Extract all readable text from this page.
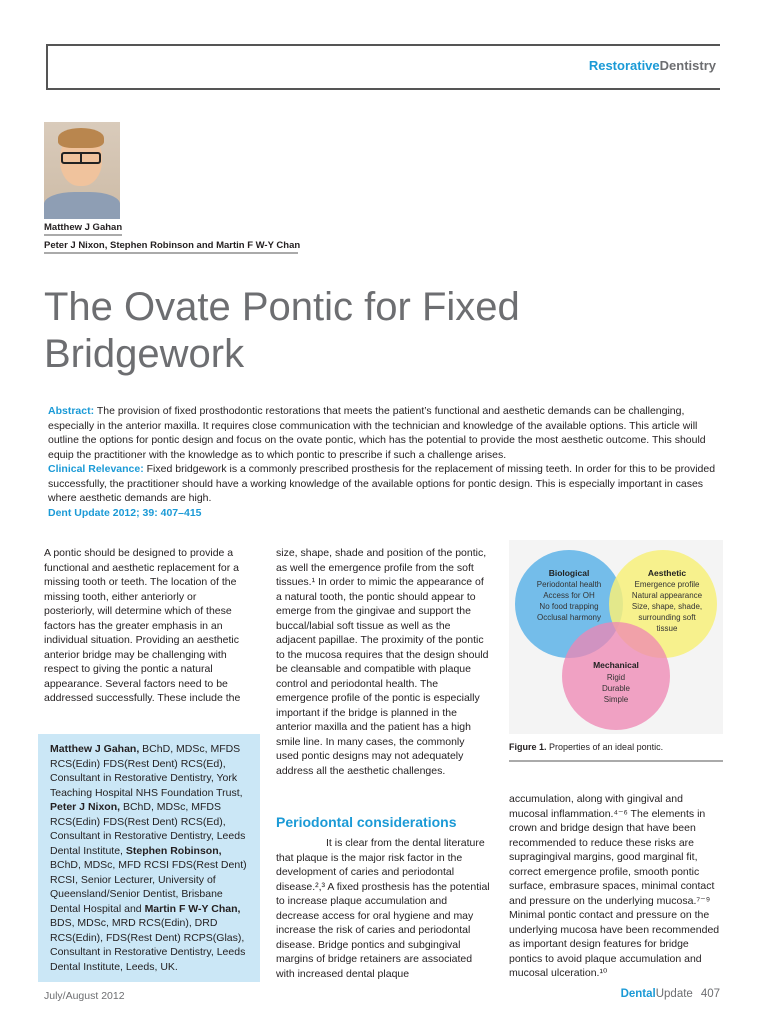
RestorativeDentistry
Matthew J Gahan
Peter J Nixon, Stephen Robinson and Martin F W-Y Chan
The Ovate Pontic for Fixed Bridgework
Abstract: The provision of fixed prosthodontic restorations that meets the patient’s functional and aesthetic demands can be challenging, especially in the anterior maxilla. It requires close communication with the technician and knowledge of the available options. This article will outline the options for pontic design and focus on the ovate pontic, which has the potential to provide the most aesthetic outcome. This should equip the practitioner with the knowledge as to which pontic to prescribe if such a challenge arises.
Clinical Relevance: Fixed bridgework is a commonly prescribed prosthesis for the replacement of missing teeth. In order for this to be provided successfully, the practitioner should have a working knowledge of the available options for pontic design. This is especially important in cases where aesthetic demands are high.
Dent Update 2012; 39: 407–415
A pontic should be designed to provide a functional and aesthetic replacement for a missing tooth or teeth. The location of the missing tooth, either anteriorly or posteriorly, will determine which of these factors has the greater emphasis in an individual situation. Providing an aesthetic anterior bridge may be challenging with respect to giving the pontic a natural appearance. Several factors need to be addressed successfully. These include the
Matthew J Gahan, BChD, MDSc, MFDS RCS(Edin) FDS(Rest Dent) RCS(Ed), Consultant in Restorative Dentistry, York Teaching Hospital NHS Foundation Trust, Peter J Nixon, BChD, MDSc, MFDS RCS(Edin) FDS(Rest Dent) RCS(Ed), Consultant in Restorative Dentistry, Leeds Dental Institute, Stephen Robinson, BChD, MDSc, MFD RCSI FDS(Rest Dent) RCSI, Senior Lecturer, University of Queensland/Senior Dentist, Brisbane Dental Hospital and Martin F W-Y Chan, BDS, MDSc, MRD RCS(Edin), DRD RCS(Edin), FDS(Rest Dent) RCPS(Glas), Consultant in Restorative Dentistry, Leeds Dental Institute, Leeds, UK.
size, shape, shade and position of the pontic, as well the emergence profile from the soft tissues.¹ In order to mimic the appearance of a natural tooth, the pontic should appear to emerge from the gingivae and support the buccal/labial soft tissue as well as the adjacent papillae. The proximity of the pontic to the mucosa requires that the design should be cleansable and compatible with plaque control and periodontal health. The emergence profile of the pontic is especially important if the bridge is planned in the anterior maxilla and the patient has a high smile line. In many cases, the commonly used pontic designs may not adequately address all the aesthetic challenges.
Periodontal considerations
It is clear from the dental literature that plaque is the major risk factor in the development of caries and periodontal disease.²,³ A fixed prosthesis has the potential to increase plaque accumulation and decrease access for oral hygiene and may increase the risk of caries and periodontal disease. Bridge pontics and subgingival margins of bridge retainers are associated with increased dental plaque
Biological
Periodontal health
Access for OH
No food trapping
Occlusal harmony
Aesthetic
Emergence profile
Natural appearance
Size, shape, shade,
surrounding soft
tissue
Mechanical
Rigid
Durable
Simple
Figure 1. Properties of an ideal pontic.
accumulation, along with gingival and mucosal inflammation.⁴⁻⁶ The elements in crown and bridge design that have been recommended to reduce these risks are supragingival margins, good marginal fit, correct emergence profile, smooth pontic surface, embrasure spaces, minimal contact and pressure on the underlying mucosa.⁷⁻⁹ Minimal pontic contact and pressure on the underlying mucosa have been recommended as important design features for bridge pontics to avoid plaque accumulation and mucosal ulceration.¹⁰
July/August 2012	DentalUpdate 407
